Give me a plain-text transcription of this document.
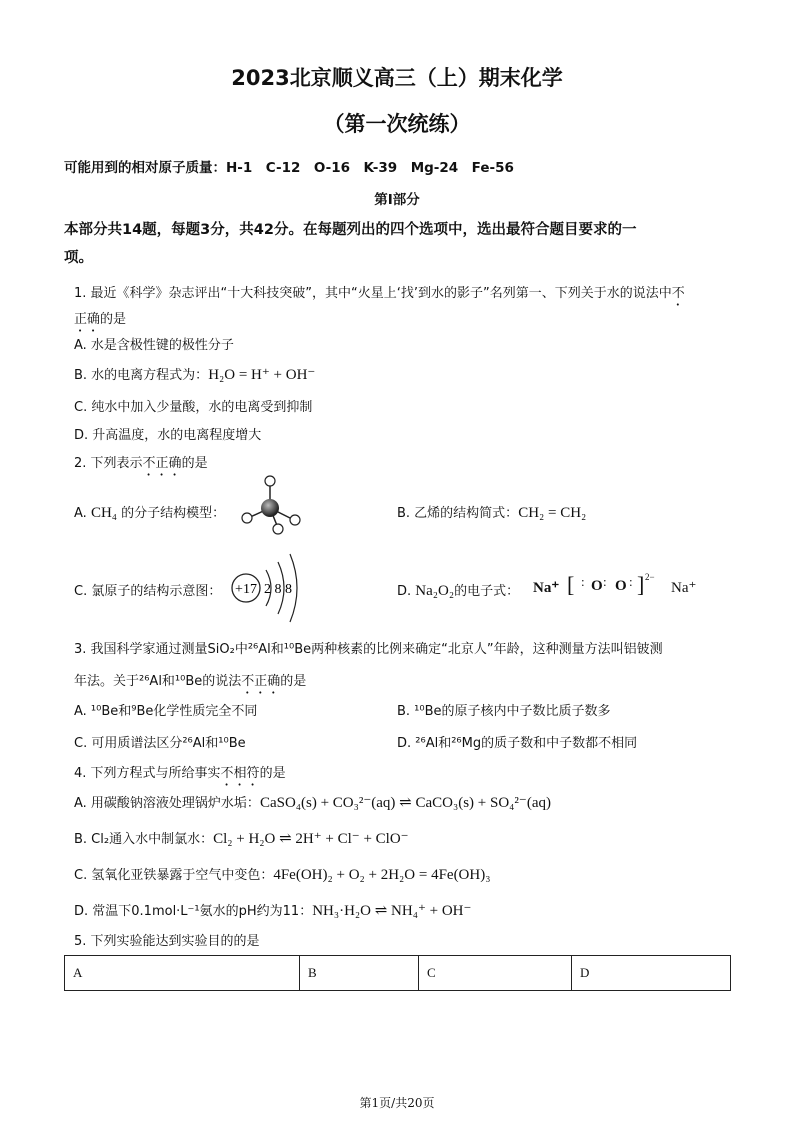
2023北京顺义高三（上）期末化学
（第一次统练）
可能用到的相对原子质量：H-1　C-12　O-16　K-39　Mg-24　Fe-56
第I部分
本部分共14题，每题3分，共42分。在每题列出的四个选项中，选出最符合题目要求的一
项。
1. 最近《科学》杂志评出“十大科技突破”，其中“火星上‘找’到水的影子”名列第一、下列关于水的说法中不
正确的是
A. 水是含极性键的极性分子
B. 水的电离方程式为：H₂O = H⁺ + OH⁻
C. 纯水中加入少量酸，水的电离受到抑制
D. 升高温度，水的电离程度增大
2. 下列表示不正确的是
A. CH₄ 的分子结构模型：	B. 乙烯的结构简式：CH₂ = CH₂
C. 氯原子的结构示意图： +17 2 8 8	D. Na₂O₂的电子式： Na⁺ [ : O : O : ] 2−
Na⁺
3. 我国科学家通过测量SiO₂中²⁶Al和¹⁰Be两种核素的比例来确定“北京人”年龄，这种测量方法叫铝铍测
年法。关于²⁶Al和¹⁰Be的说法不正确的是
A. ¹⁰Be和⁹Be化学性质完全不同	B. ¹⁰Be的原子核内中子数比质子数多
C. 可用质谱法区分²⁶Al和¹⁰Be	D. ²⁶Al和²⁶Mg的质子数和中子数都不相同
4. 下列方程式与所给事实不相符的是
A. 用碳酸钠溶液处理锅炉水垢：CaSO₄(s) + CO₃²⁻(aq) ⇌ CaCO₃(s) + SO₄²⁻(aq)
B. Cl₂通入水中制氯水：Cl₂ + H₂O ⇌ 2H⁺ + Cl⁻ + ClO⁻
C. 氢氧化亚铁暴露于空气中变色：4Fe(OH)₂ + O₂ + 2H₂O = 4Fe(OH)₃
D. 常温下0.1mol·L⁻¹氨水的pH约为11：NH₃·H₂O ⇌ NH₄⁺ + OH⁻
5. 下列实验能达到实验目的的是
A	B	C	D
第1页/共20页
